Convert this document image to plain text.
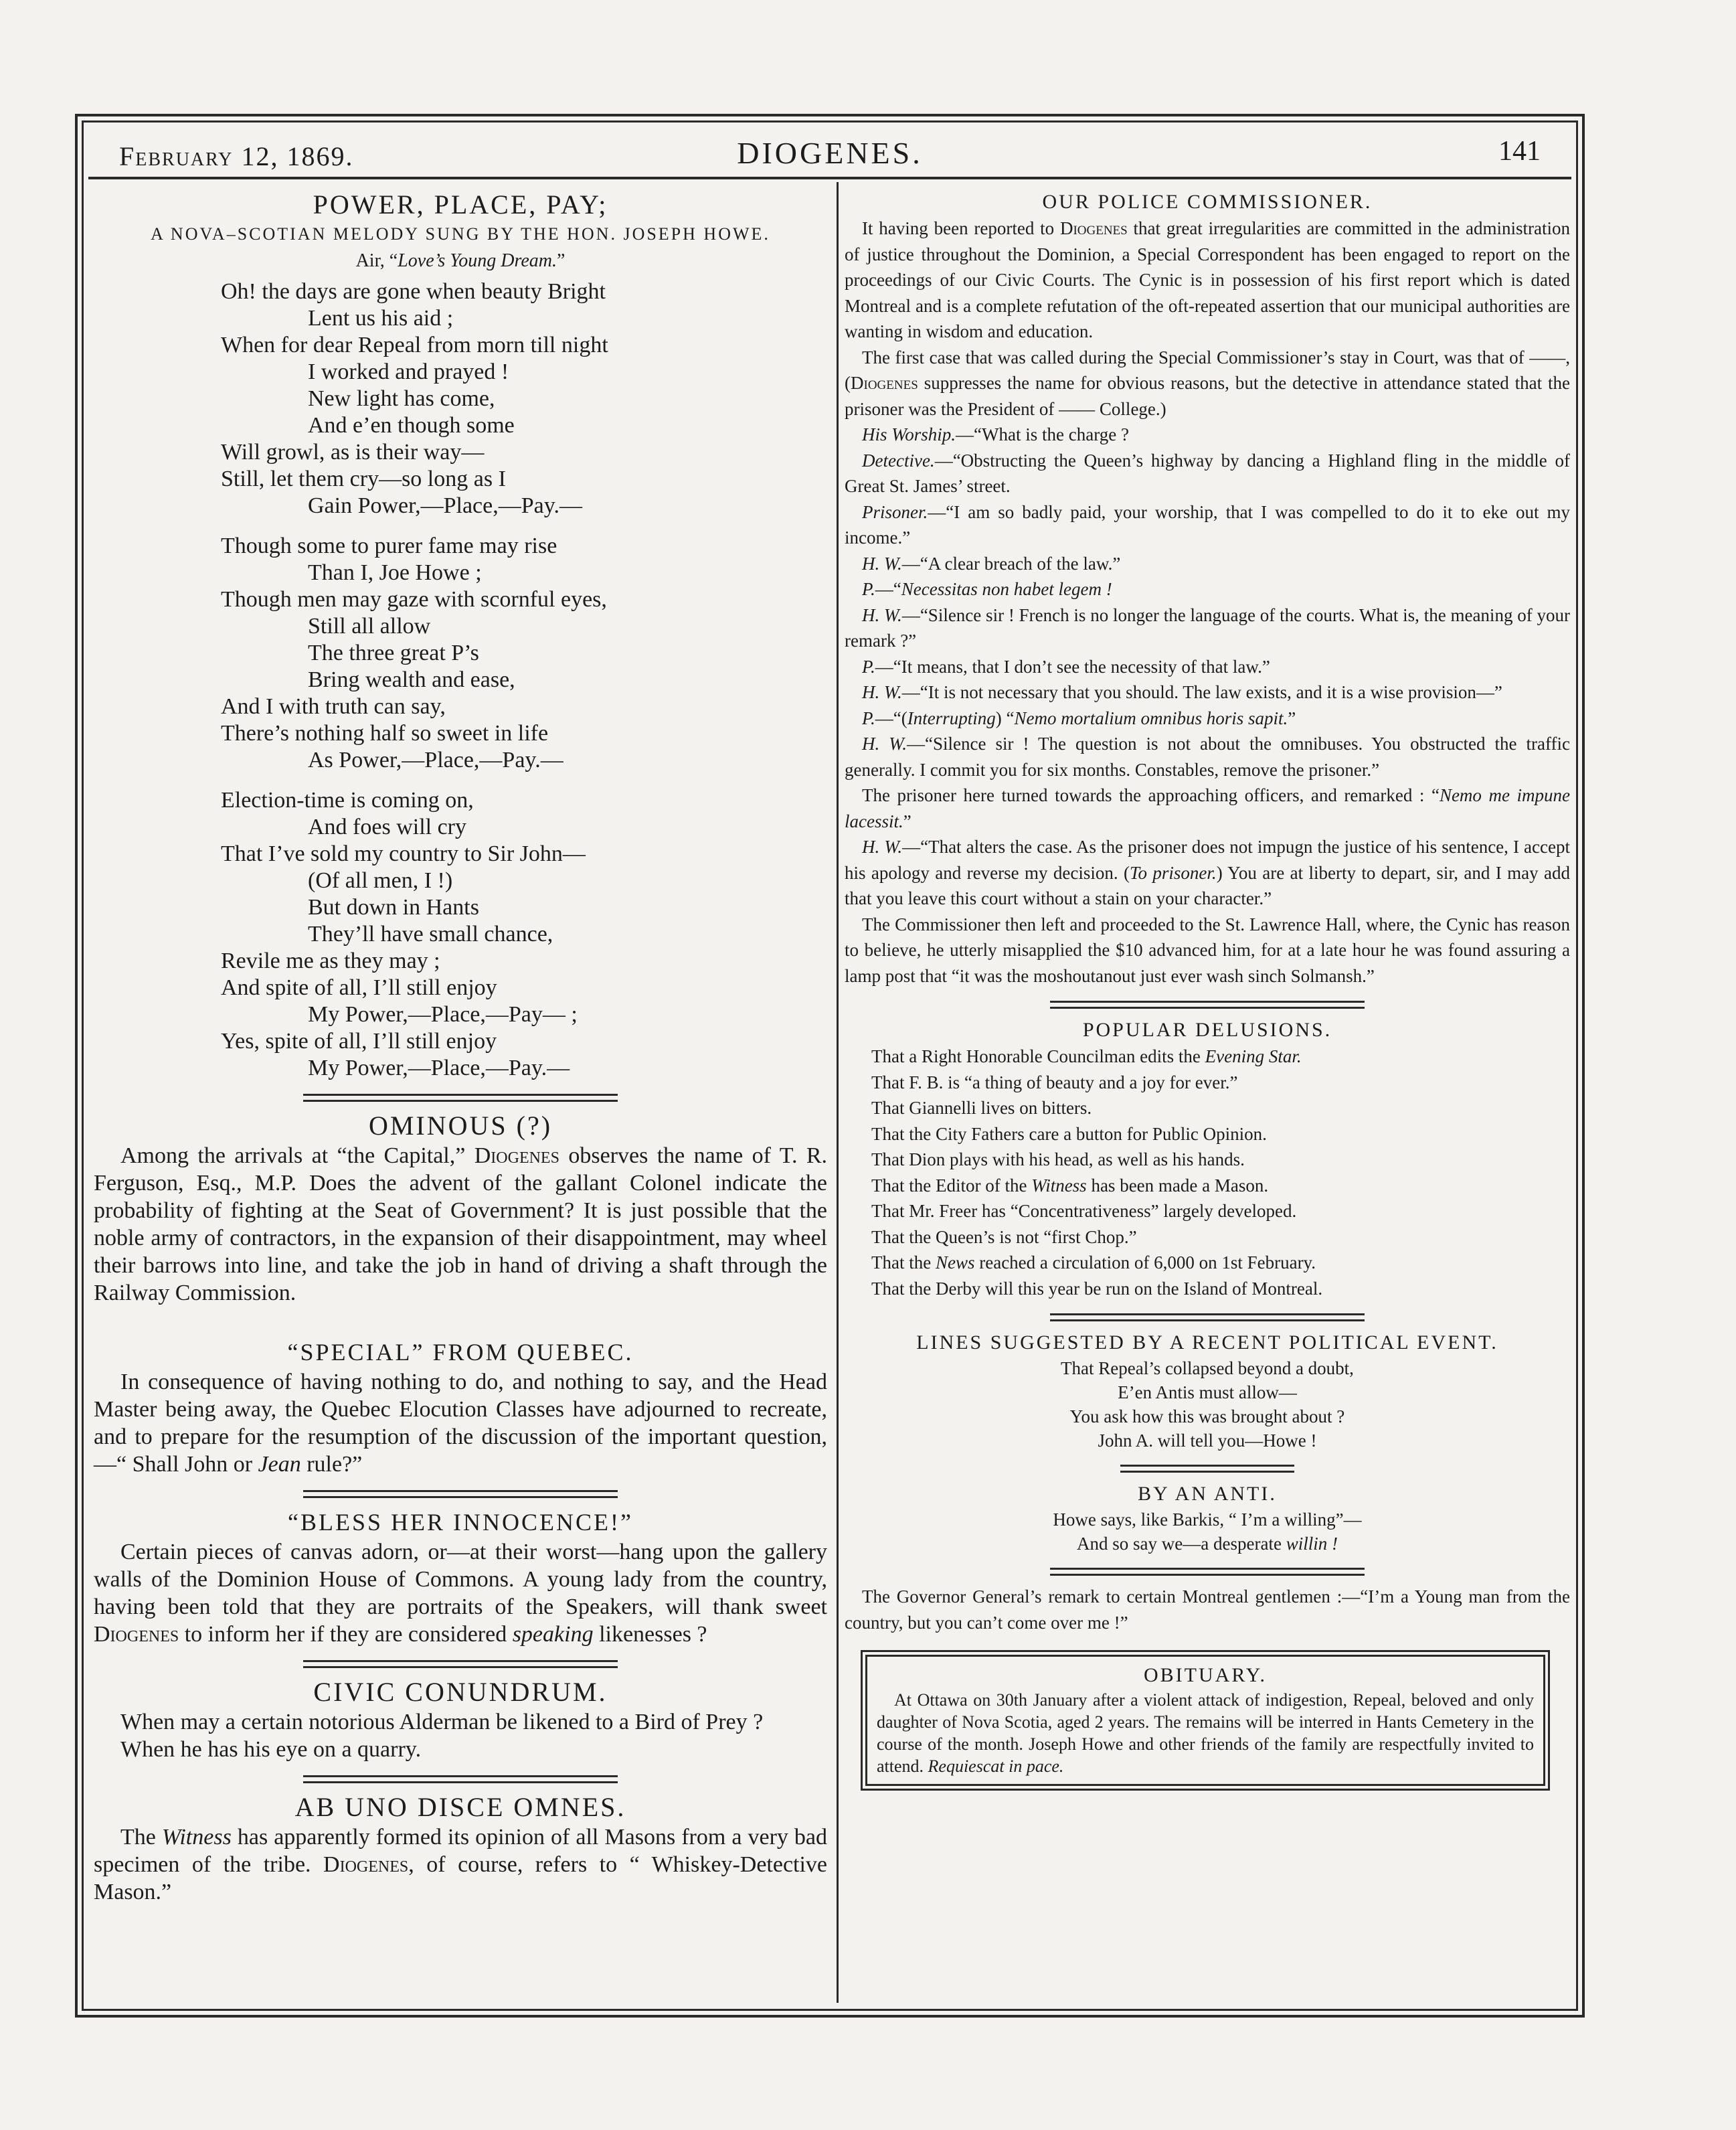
February 12, 1869.	DIOGENES.	141
POWER, PLACE, PAY;
A NOVA–SCOTIAN MELODY SUNG BY THE HON. JOSEPH HOWE.
Air, “Love’s Young Dream.”
Oh! the days are gone when beauty Bright
Lent us his aid ;
When for dear Repeal from morn till night
I worked and prayed !
New light has come,
And e’en though some
Will growl, as is their way—
Still, let them cry—so long as I
Gain Power,—Place,—Pay.—
Though some to purer fame may rise
Than I, Joe Howe ;
Though men may gaze with scornful eyes,
Still all allow
The three great P’s
Bring wealth and ease,
And I with truth can say,
There’s nothing half so sweet in life
As Power,—Place,—Pay.—
Election-time is coming on,
And foes will cry
That I’ve sold my country to Sir John—
(Of all men, I !)
But down in Hants
They’ll have small chance,
Revile me as they may ;
And spite of all, I’ll still enjoy
My Power,—Place,—Pay— ;
Yes, spite of all, I’ll still enjoy
My Power,—Place,—Pay.—
OMINOUS (?)

Among the arrivals at “the Capital,” Diogenes observes the name of T. R. Ferguson, Esq., M.P. Does the advent of the gallant Colonel indicate the probability of fighting at the Seat of Government? It is just possible that the noble army of contractors, in the expansion of their disappointment, may wheel their barrows into line, and take the job in hand of driving a shaft through the Railway Commission.

“SPECIAL” FROM QUEBEC.

In consequence of having nothing to do, and nothing to say, and the Head Master being away, the Quebec Elocution Classes have adjourned to recreate, and to prepare for the resumption of the discussion of the important question,—“ Shall John or Jean rule?”

“BLESS HER INNOCENCE!”

Certain pieces of canvas adorn, or—at their worst—hang upon the gallery walls of the Dominion House of Commons. A young lady from the country, having been told that they are portraits of the Speakers, will thank sweet Diogenes to inform her if they are considered speaking likenesses ?

CIVIC CONUNDRUM.

When may a certain notorious Alderman be likened to a Bird of Prey ?

When he has his eye on a quarry.

AB UNO DISCE OMNES.

The Witness has apparently formed its opinion of all Masons from a very bad specimen of the tribe. Diogenes, of course, refers to “ Whiskey-Detective Mason.”

OUR POLICE COMMISSIONER.

It having been reported to Diogenes that great irregularities are committed in the administration of justice throughout the Dominion, a Special Correspondent has been engaged to report on the proceedings of our Civic Courts. The Cynic is in possession of his first report which is dated Montreal and is a complete refutation of the oft-repeated assertion that our municipal authorities are wanting in wisdom and education.

The first case that was called during the Special Commissioner’s stay in Court, was that of ——, (Diogenes suppresses the name for obvious reasons, but the detective in attendance stated that the prisoner was the President of —— College.)

His Worship.—“What is the charge ?

Detective.—“Obstructing the Queen’s highway by dancing a Highland fling in the middle of Great St. James’ street.

Prisoner.—“I am so badly paid, your worship, that I was compelled to do it to eke out my income.”

H. W.—“A clear breach of the law.”

P.—“Necessitas non habet legem !

H. W.—“Silence sir ! French is no longer the language of the courts. What is, the meaning of your remark ?”

P.—“It means, that I don’t see the necessity of that law.”

H. W.—“It is not necessary that you should. The law exists, and it is a wise provision—”

P.—“(Interrupting) “Nemo mortalium omnibus horis sapit.”

H. W.—“Silence sir ! The question is not about the omnibuses. You obstructed the traffic generally. I commit you for six months. Constables, remove the prisoner.”

The prisoner here turned towards the approaching officers, and remarked : “Nemo me impune lacessit.”

H. W.—“That alters the case. As the prisoner does not impugn the justice of his sentence, I accept his apology and reverse my decision. (To prisoner.) You are at liberty to depart, sir, and I may add that you leave this court without a stain on your character.”

The Commissioner then left and proceeded to the St. Lawrence Hall, where, the Cynic has reason to believe, he utterly misapplied the $10 advanced him, for at a late hour he was found assuring a lamp post that “it was the moshoutanout just ever wash sinch Solmansh.”

POPULAR DELUSIONS.

That a Right Honorable Councilman edits the Evening Star.

That F. B. is “a thing of beauty and a joy for ever.”

That Giannelli lives on bitters.

That the City Fathers care a button for Public Opinion.

That Dion plays with his head, as well as his hands.

That the Editor of the Witness has been made a Mason.

That Mr. Freer has “Concentrativeness” largely developed.

That the Queen’s is not “first Chop.”

That the News reached a circulation of 6,000 on 1st February.

That the Derby will this year be run on the Island of Montreal.

LINES SUGGESTED BY A RECENT POLITICAL EVENT.
That Repeal’s collapsed beyond a doubt,
E’en Antis must allow—
You ask how this was brought about ?
John A. will tell you—Howe !
BY AN ANTI.
Howe says, like Barkis, “ I’m a willing”—
And so say we—a desperate willin !

The Governor General’s remark to certain Montreal gentlemen :—“I’m a Young man from the country, but you can’t come over me !”

OBITUARY.

At Ottawa on 30th January after a violent attack of indigestion, Repeal, beloved and only daughter of Nova Scotia, aged 2 years. The remains will be interred in Hants Cemetery in the course of the month. Joseph Howe and other friends of the family are respectfully invited to attend. Requiescat in pace.
